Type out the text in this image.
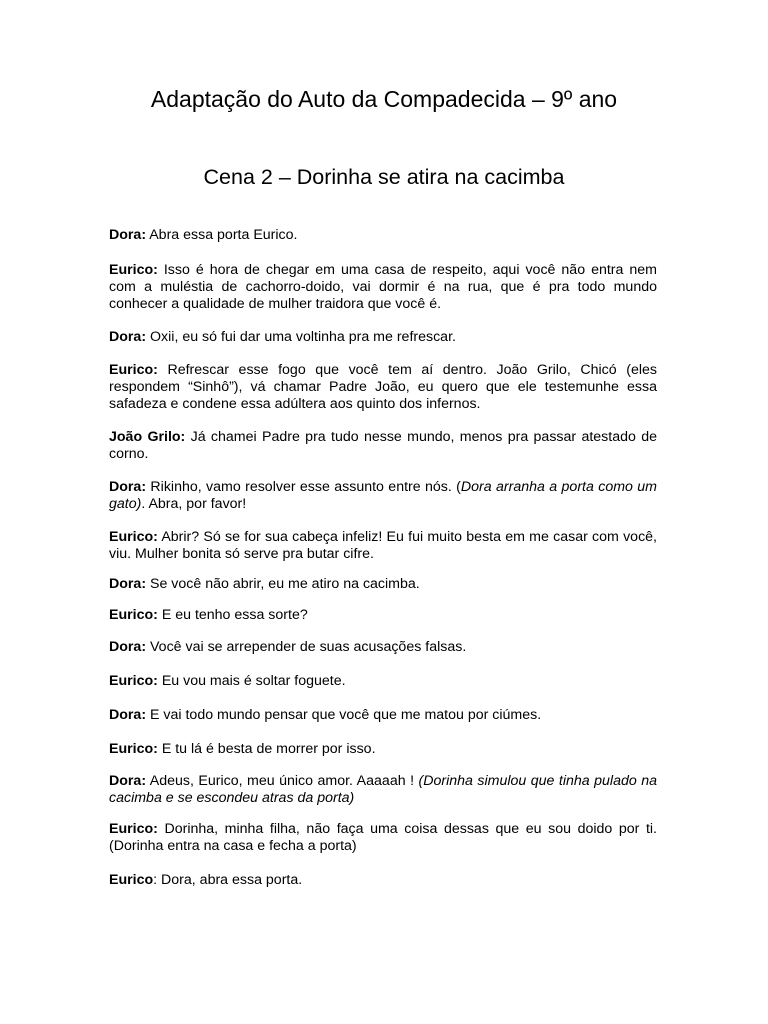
Adaptação do Auto da Compadecida – 9º ano
Cena 2 – Dorinha se atira na cacimba

Dora: Abra essa porta Eurico.

Eurico: Isso é hora de chegar em uma casa de respeito, aqui você não entra nem com a muléstia de cachorro-doido, vai dormir é na rua, que é pra todo mundo conhecer a qualidade de mulher traidora que você é.

Dora: Oxii, eu só fui dar uma voltinha pra me refrescar.

Eurico: Refrescar esse fogo que você tem aí dentro. João Grilo, Chicó (eles respondem “Sinhô”), vá chamar Padre João, eu quero que ele testemunhe essa safadeza e condene essa adúltera aos quinto dos infernos.

João Grilo: Já chamei Padre pra tudo nesse mundo, menos pra passar atestado de corno.

Dora: Rikinho, vamo resolver esse assunto entre nós. (Dora arranha a porta como um gato). Abra, por favor!

Eurico: Abrir? Só se for sua cabeça infeliz! Eu fui muito besta em me casar com você, viu. Mulher bonita só serve pra butar cifre.

Dora: Se você não abrir, eu me atiro na cacimba.

Eurico: E eu tenho essa sorte?

Dora: Você vai se arrepender de suas acusações falsas.

Eurico: Eu vou mais é soltar foguete.

Dora: E vai todo mundo pensar que você que me matou por ciúmes.

Eurico: E tu lá é besta de morrer por isso.

Dora: Adeus, Eurico, meu único amor. Aaaaah ! (Dorinha simulou que tinha pulado na cacimba e se escondeu atras da porta)

Eurico: Dorinha, minha filha, não faça uma coisa dessas que eu sou doido por ti. (Dorinha entra na casa e fecha a porta)

Eurico: Dora, abra essa porta.
